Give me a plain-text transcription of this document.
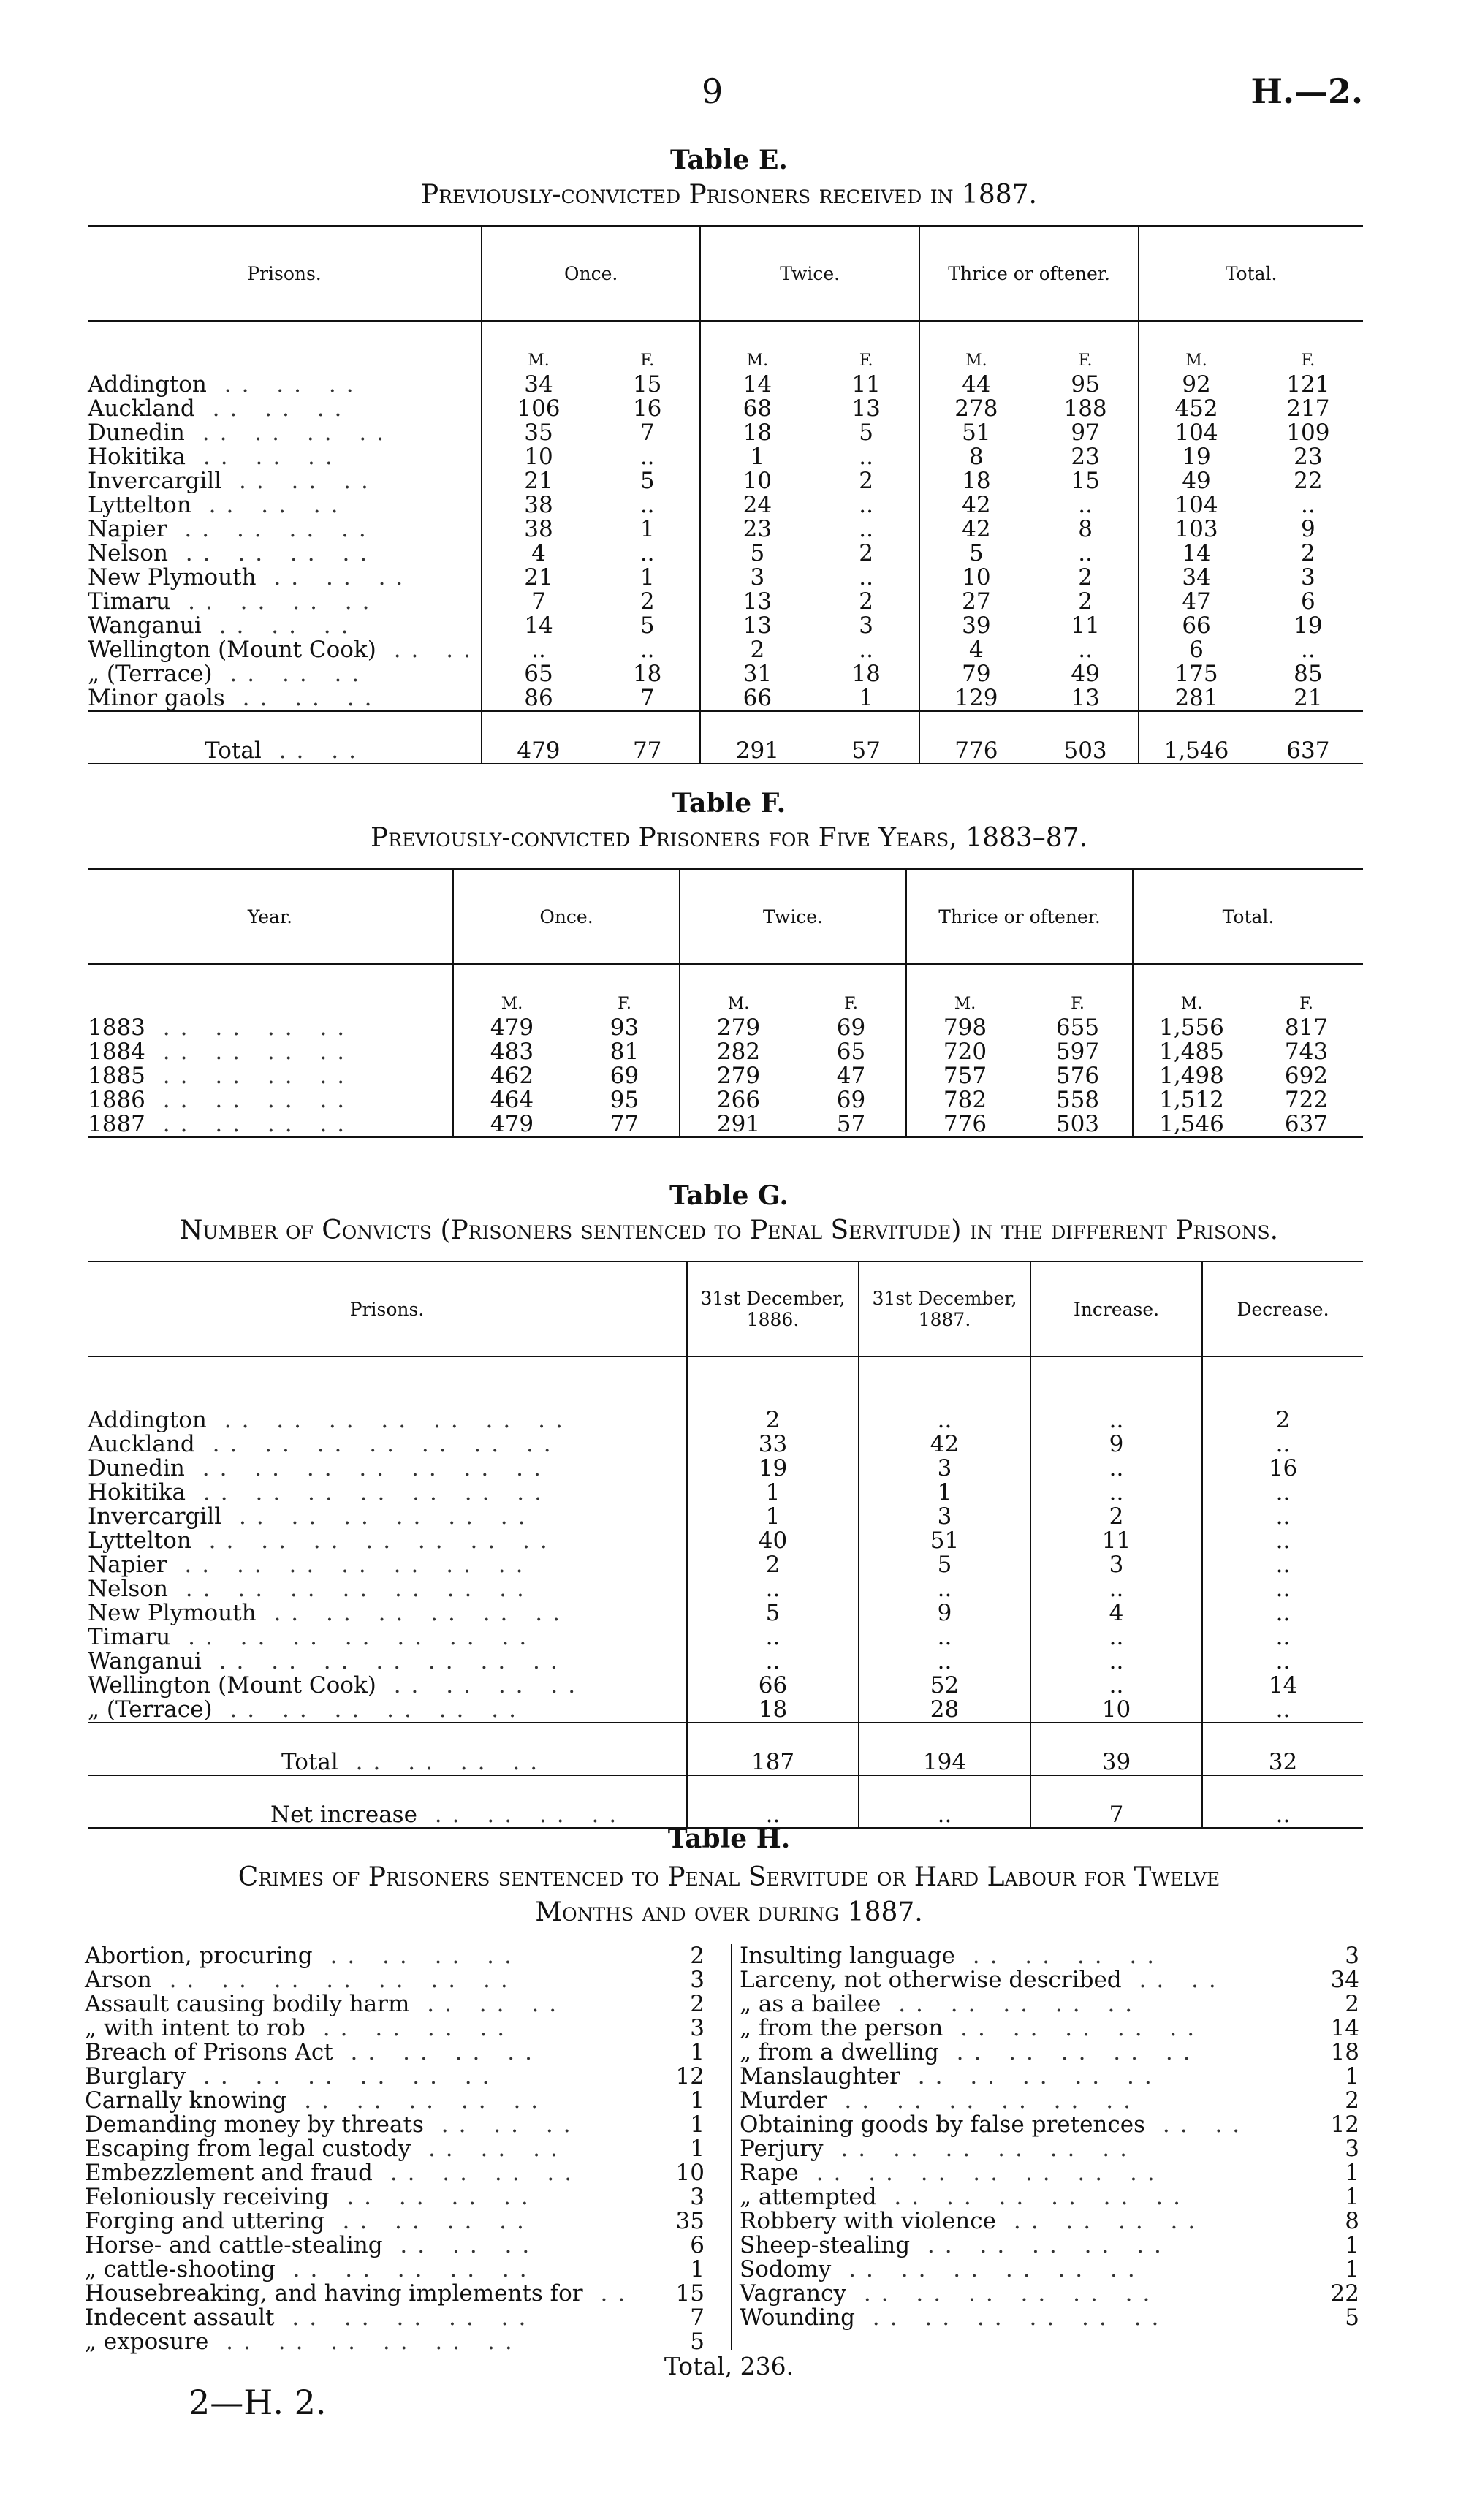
9	H.—2.
Table E.
Previously-convicted Prisoners received in 1887.
Prisons.	Once.		Twice.		Thrice or oftener.		Total.	
	M.	F.	M.	F.	M.	F.	M.	F.
Addington .. .. ..	34	15	14	11	44	95	92	121
Auckland .. .. ..	106	16	68	13	278	188	452	217
Dunedin .. .. .. ..	35	7	18	5	51	97	104	109
Hokitika .. .. ..	10	..	1	..	8	23	19	23
Invercargill .. .. ..	21	5	10	2	18	15	49	22
Lyttelton .. .. ..	38	..	24	..	42	..	104	..
Napier .. .. .. ..	38	1	23	..	42	8	103	9
Nelson .. .. .. ..	4	..	5	2	5	..	14	2
New Plymouth .. .. ..	21	1	3	..	10	2	34	3
Timaru .. .. .. ..	7	2	13	2	27	2	47	6
Wanganui .. .. ..	14	5	13	3	39	11	66	19
Wellington (Mount Cook) .. ..	..	..	2	..	4	..	6	..
„ (Terrace) .. .. ..	65	18	31	18	79	49	175	85
Minor gaols .. .. ..	86	7	66	1	129	13	281	21
Total .. ..	479	77	291	57	776	503	1,546	637
Table F.
Previously-convicted Prisoners for Five Years, 1883–87.
Year.	Once.		Twice.		Thrice or oftener.		Total.	
	M.	F.	M.	F.	M.	F.	M.	F.
1883 .. .. .. ..	479	93	279	69	798	655	1,556	817
1884 .. .. .. ..	483	81	282	65	720	597	1,485	743
1885 .. .. .. ..	462	69	279	47	757	576	1,498	692
1886 .. .. .. ..	464	95	266	69	782	558	1,512	722
1887 .. .. .. ..	479	77	291	57	776	503	1,546	637
Table G.
Number of Convicts (Prisoners sentenced to Penal Servitude) in the different Prisons.
Prisons.	31st December, 1886.	31st December, 1887.	Increase.	Decrease.

Addington .. .. .. .. .. .. ..	2	..	..	2
Auckland .. .. .. .. .. .. ..	33	42	9	..
Dunedin .. .. .. .. .. .. ..	19	3	..	16
Hokitika .. .. .. .. .. .. ..	1	1	..	..
Invercargill .. .. .. .. .. ..	1	3	2	..
Lyttelton .. .. .. .. .. .. ..	40	51	11	..
Napier .. .. .. .. .. .. ..	2	5	3	..
Nelson .. .. .. .. .. .. ..	..	..	..	..
New Plymouth .. .. .. .. .. ..	5	9	4	..
Timaru .. .. .. .. .. .. ..	..	..	..	..
Wanganui .. .. .. .. .. .. ..	..	..	..	..
Wellington (Mount Cook) .. .. .. ..	66	52	..	14
„ (Terrace) .. .. .. .. .. ..	18	28	10	..
Total .. .. .. ..	187	194	39	32
Net increase .. .. .. ..	..	..	7	..
Table H.
Crimes of Prisoners sentenced to Penal Servitude or Hard Labour for Twelve Months and over during 1887.
Abortion, procuring .. .. .. ..	2
Arson .. .. .. .. .. .. ..	3
Assault causing bodily harm .. .. ..	2
„ with intent to rob .. .. .. ..	3
Breach of Prisons Act .. .. .. ..	1
Burglary .. .. .. .. .. ..	12
Carnally knowing .. .. .. .. ..	1
Demanding money by threats .. .. ..	1
Escaping from legal custody .. .. ..	1
Embezzlement and fraud .. .. .. ..	10
Feloniously receiving .. .. .. ..	3
Forging and uttering .. .. .. ..	35
Horse- and cattle-stealing .. .. ..	6
„ cattle-shooting .. .. .. .. ..	1
Housebreaking, and having implements for .. 15
Indecent assault .. .. .. .. ..	7
„ exposure .. .. .. .. .. ..	5
Insulting language .. .. .. ..	3
Larceny, not otherwise described .. ..	34
„ as a bailee .. .. .. .. ..	2
„ from the person .. .. .. .. ..	14
„ from a dwelling .. .. .. .. ..	18
Manslaughter .. .. .. .. ..	1
Murder .. .. .. .. .. ..	2
Obtaining goods by false pretences .. ..	12
Perjury .. .. .. .. .. ..	3
Rape .. .. .. .. .. .. ..	1
„ attempted .. .. .. .. .. ..	1
Robbery with violence .. .. .. ..	8
Sheep-stealing .. .. .. .. ..	1
Sodomy .. .. .. .. .. ..	1
Vagrancy .. .. .. .. .. ..	22
Wounding .. .. .. .. .. ..	5
Total, 236.
2—H. 2.
